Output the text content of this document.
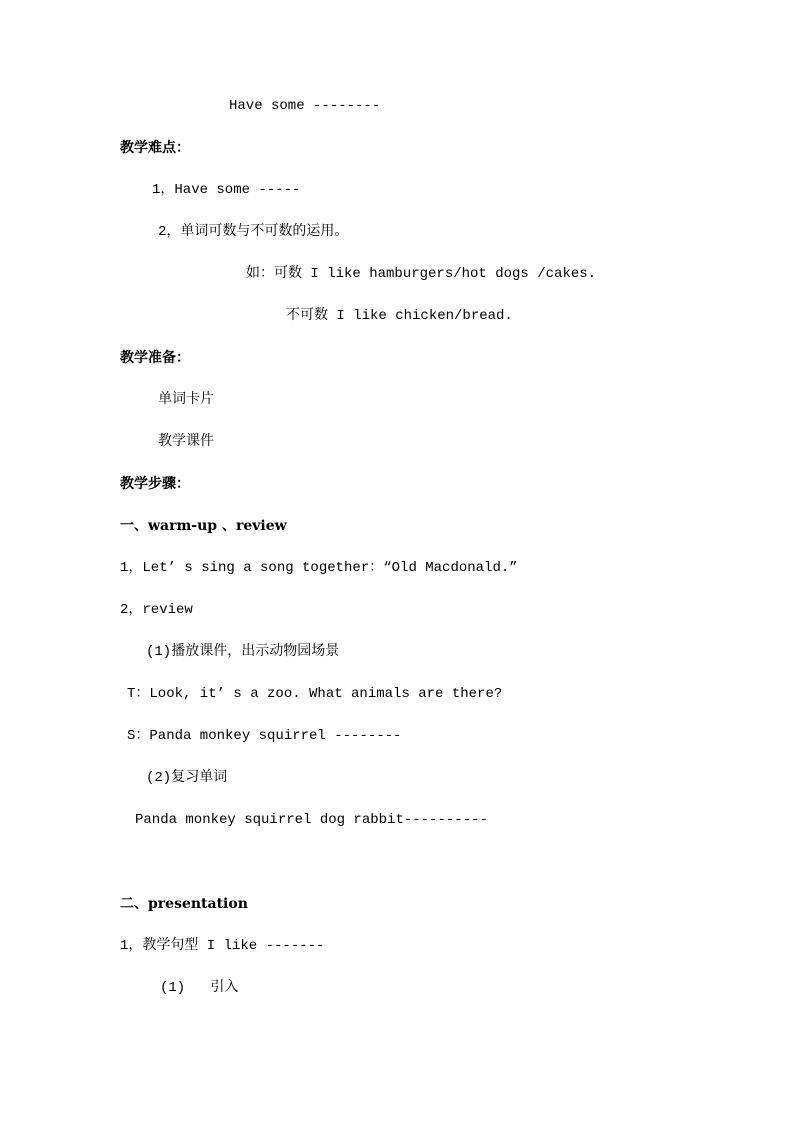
Have some --------
教学难点：
1，Have some -----
2，单词可数与不可数的运用。
如：可数 I like hamburgers/hot dogs /cakes.
不可数 I like chicken/bread.
教学准备：
单词卡片
教学课件
教学步骤：
一、warm-up 、review
1，Let’ s sing a song together：“Old Macdonald.”
2，review
(1)播放课件，出示动物园场景
T：Look, it’ s a zoo. What animals are there?
S：Panda monkey squirrel --------
(2)复习单词
Panda monkey squirrel dog rabbit----------
二、presentation
1，教学句型 I like -------
(1)   引入
